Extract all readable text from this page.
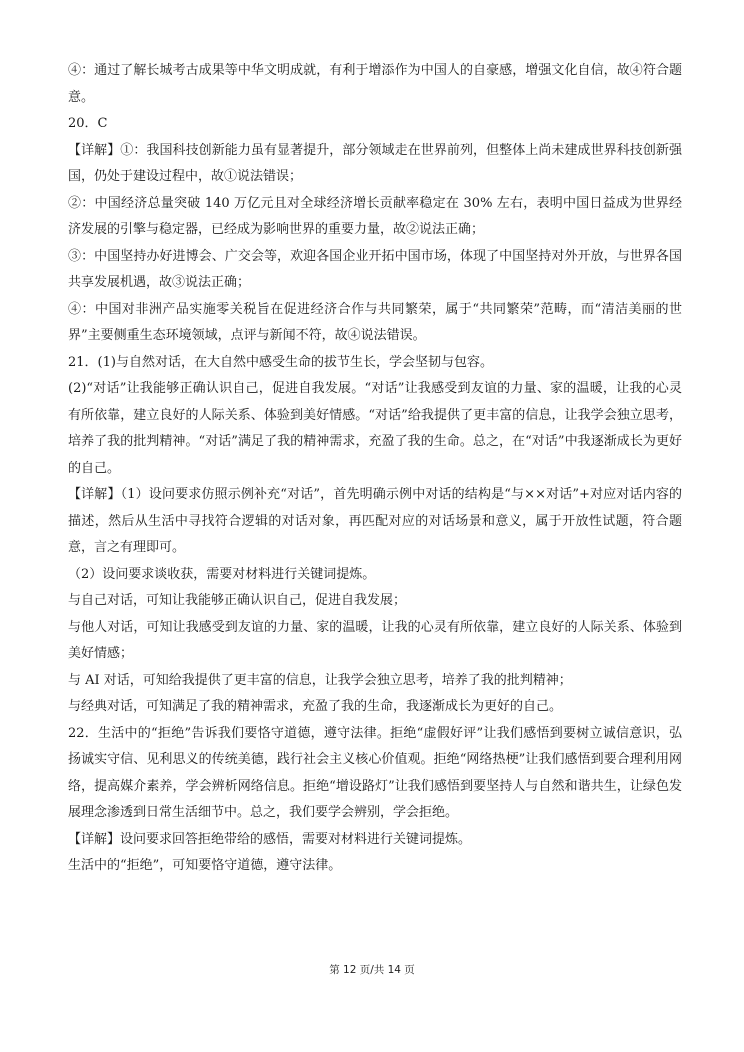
④：通过了解长城考古成果等中华文明成就，有利于增添作为中国人的自豪感，增强文化自信，故④符合题意。

20．C

【详解】①：我国科技创新能力虽有显著提升，部分领域走在世界前列，但整体上尚未建成世界科技创新强国，仍处于建设过程中，故①说法错误；

②：中国经济总量突破 140 万亿元且对全球经济增长贡献率稳定在 30% 左右，表明中国日益成为世界经济发展的引擎与稳定器，已经成为影响世界的重要力量，故②说法正确；

③：中国坚持办好进博会、广交会等，欢迎各国企业开拓中国市场，体现了中国坚持对外开放，与世界各国共享发展机遇，故③说法正确；

④：中国对非洲产品实施零关税旨在促进经济合作与共同繁荣，属于“共同繁荣”范畴，而“清洁美丽的世界”主要侧重生态环境领域，点评与新闻不符，故④说法错误。

21．(1)与自然对话，在大自然中感受生命的拔节生长，学会坚韧与包容。

(2)“对话”让我能够正确认识自己，促进自我发展。“对话”让我感受到友谊的力量、家的温暖，让我的心灵有所依靠，建立良好的人际关系、体验到美好情感。“对话”给我提供了更丰富的信息，让我学会独立思考，培养了我的批判精神。“对话”满足了我的精神需求，充盈了我的生命。总之，在“对话”中我逐渐成长为更好的自己。

【详解】（1）设问要求仿照示例补充“对话”，首先明确示例中对话的结构是“与××对话”+对应对话内容的描述，然后从生活中寻找符合逻辑的对话对象，再匹配对应的对话场景和意义，属于开放性试题，符合题意，言之有理即可。

（2）设问要求谈收获，需要对材料进行关键词提炼。

与自己对话，可知让我能够正确认识自己，促进自我发展；

与他人对话，可知让我感受到友谊的力量、家的温暖，让我的心灵有所依靠，建立良好的人际关系、体验到美好情感；

与 AI 对话，可知给我提供了更丰富的信息，让我学会独立思考，培养了我的批判精神；

与经典对话，可知满足了我的精神需求，充盈了我的生命，我逐渐成长为更好的自己。

22．生活中的“拒绝”告诉我们要恪守道德，遵守法律。拒绝“虚假好评”让我们感悟到要树立诚信意识，弘扬诚实守信、见利思义的传统美德，践行社会主义核心价值观。拒绝“网络热梗”让我们感悟到要合理利用网络，提高媒介素养，学会辨析网络信息。拒绝“增设路灯”让我们感悟到要坚持人与自然和谐共生，让绿色发展理念渗透到日常生活细节中。总之，我们要学会辨别，学会拒绝。

【详解】设问要求回答拒绝带给的感悟，需要对材料进行关键词提炼。

生活中的“拒绝”，可知要恪守道德，遵守法律。

第 12 页/共 14 页
